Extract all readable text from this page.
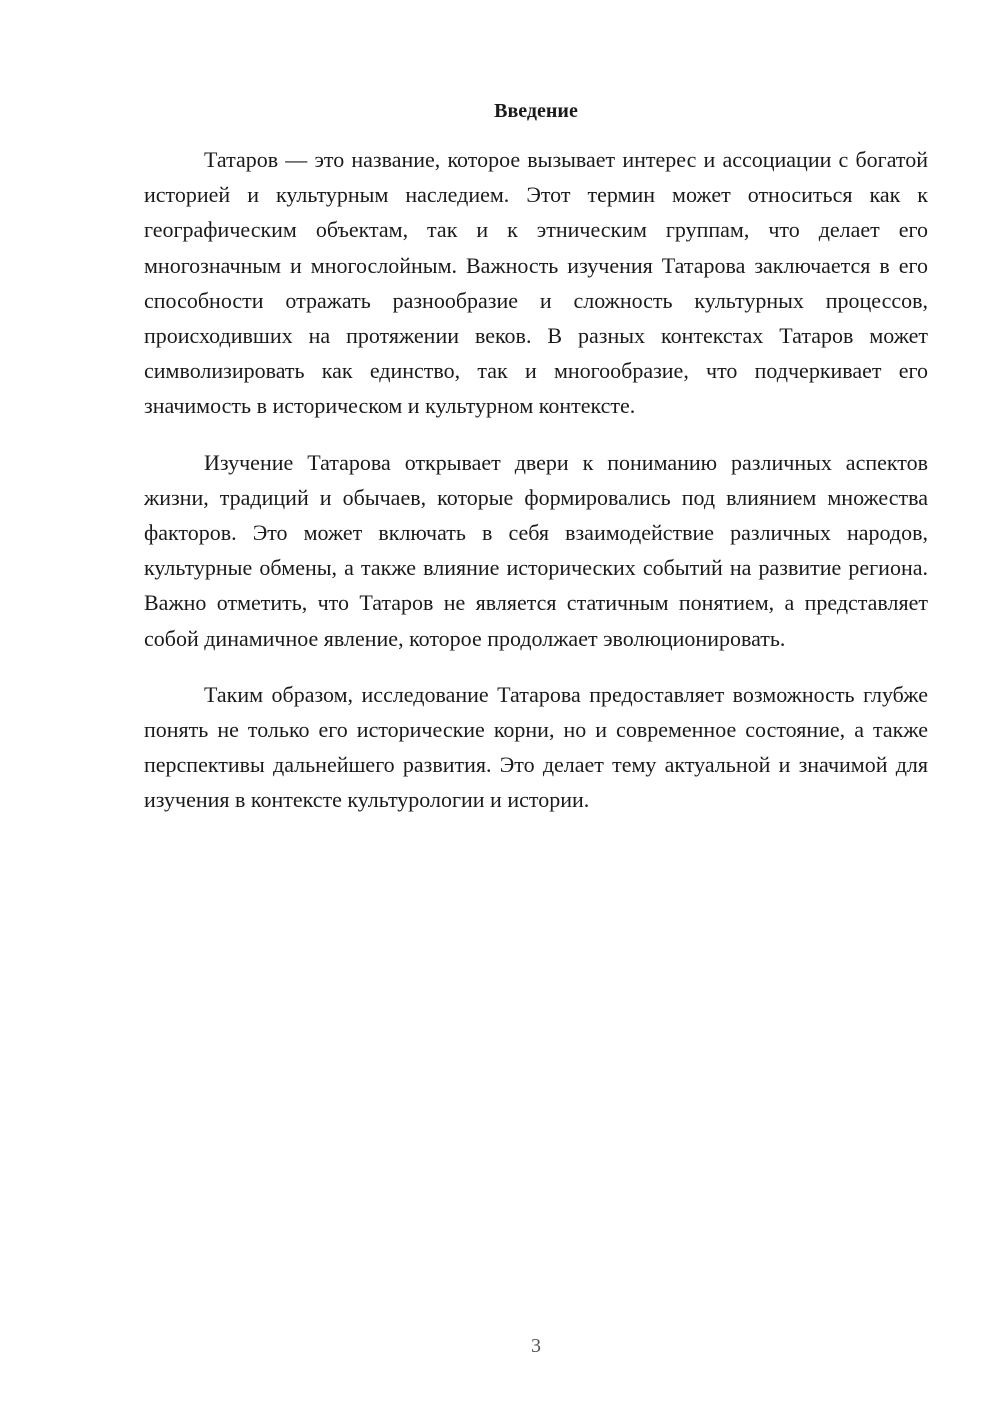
Введение

Татаров — это название, которое вызывает интерес и ассоциации с богатой историей и культурным наследием. Этот термин может относиться как к географическим объектам, так и к этническим группам, что делает его многозначным и многослойным. Важность изучения Татарова заключается в его способности отражать разнообразие и сложность культурных процессов, происходивших на протяжении веков. В разных контекстах Татаров может символизировать как единство, так и многообразие, что подчеркивает его значимость в историческом и культурном контексте.

Изучение Татарова открывает двери к пониманию различных аспектов жизни, традиций и обычаев, которые формировались под влиянием множества факторов. Это может включать в себя взаимодействие различных народов, культурные обмены, а также влияние исторических событий на развитие региона. Важно отметить, что Татаров не является статичным понятием, а представляет собой динамичное явление, которое продолжает эволюционировать.

Таким образом, исследование Татарова предоставляет возможность глубже понять не только его исторические корни, но и современное состояние, а также перспективы дальнейшего развития. Это делает тему актуальной и значимой для изучения в контексте культурологии и истории.

3
